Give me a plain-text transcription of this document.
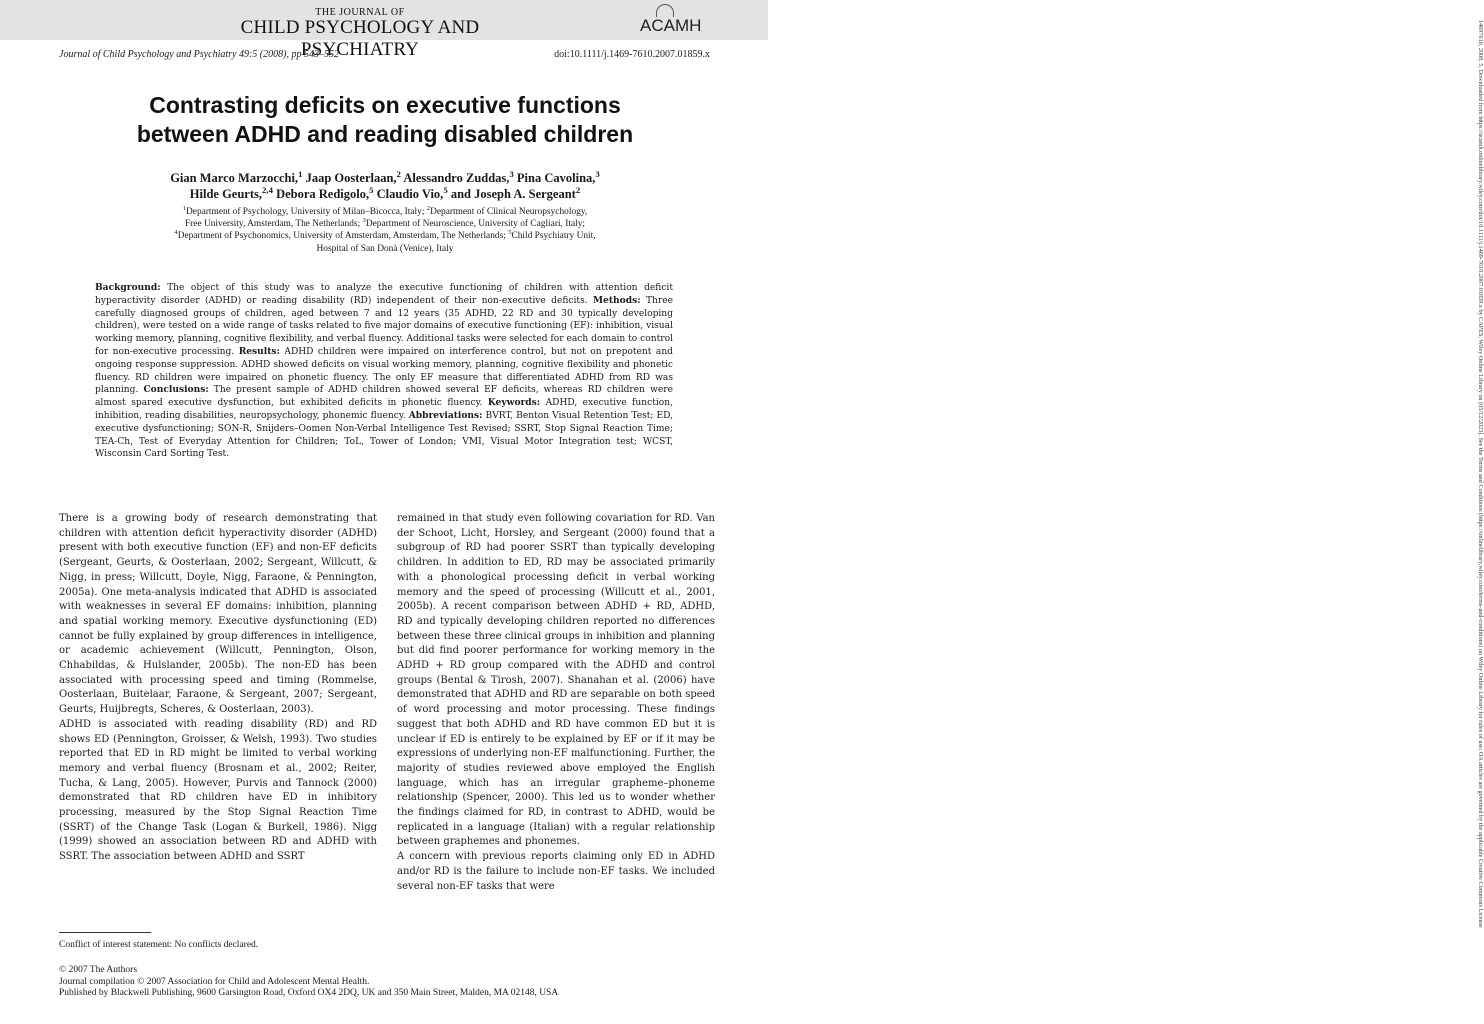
THE JOURNAL OF
CHILD PSYCHOLOGY AND PSYCHIATRY
ACAMH
Journal of Child Psychology and Psychiatry 49:5 (2008), pp 543–552	doi:10.1111/j.1469-7610.2007.01859.x
Contrasting deficits on executive functions
between ADHD and reading disabled children
Gian Marco Marzocchi,$^1$ Jaap Oosterlaan,$^2$ Alessandro Zuddas,$^3$ Pina Cavolina,$^3$
Hilde Geurts,$^{2,4}$ Debora Redigolo,$^5$ Claudio Vio,$^5$ and Joseph A. Sergeant$^2$
$^1$Department of Psychology, University of Milan–Bicocca, Italy; $^2$Department of Clinical Neuropsychology,
Free University, Amsterdam, The Netherlands; $^3$Department of Neuroscience, University of Cagliari, Italy;
$^4$Department of Psychonomics, University of Amsterdam, Amsterdam, The Netherlands; $^5$Child Psychiatry Unit,
Hospital of San Donà (Venice), Italy
Background: The object of this study was to analyze the executive functioning of children with attention deficit hyperactivity disorder (ADHD) or reading disability (RD) independent of their non-executive deficits. Methods: Three carefully diagnosed groups of children, aged between 7 and 12 years (35 ADHD, 22 RD and 30 typically developing children), were tested on a wide range of tasks related to five major domains of executive functioning (EF): inhibition, visual working memory, planning, cognitive flexibility, and verbal fluency. Additional tasks were selected for each domain to control for non-executive processing. Results: ADHD children were impaired on interference control, but not on prepotent and ongoing response suppression. ADHD showed deficits on visual working memory, planning, cognitive flexibility and phonetic fluency. RD children were impaired on phonetic fluency. The only EF measure that differentiated ADHD from RD was planning. Conclusions: The present sample of ADHD children showed several EF deficits, whereas RD children were almost spared executive dysfunction, but exhibited deficits in phonetic fluency. Keywords: ADHD, executive function, inhibition, reading disabilities, neuropsychology, phonemic fluency. Abbreviations: BVRT, Benton Visual Retention Test; ED, executive dysfunctioning; SON-R, Snijders–Oomen Non-Verbal Intelligence Test Revised; SSRT, Stop Signal Reaction Time; TEA-Ch, Test of Everyday Attention for Children; ToL, Tower of London; VMI, Visual Motor Integration test; WCST, Wisconsin Card Sorting Test.
There is a growing body of research demonstrating that children with attention deficit hyperactivity disorder (ADHD) present with both executive function (EF) and non-EF deficits (Sergeant, Geurts, & Oosterlaan, 2002; Sergeant, Willcutt, & Nigg, in press; Willcutt, Doyle, Nigg, Faraone, & Pennington, 2005a). One meta-analysis indicated that ADHD is associated with weaknesses in several EF domains: inhibition, planning and spatial working memory. Executive dysfunctioning (ED) cannot be fully explained by group differences in intelligence, or academic achievement (Willcutt, Pennington, Olson, Chhabildas, & Hulslander, 2005b). The non-ED has been associated with processing speed and timing (Rommelse, Oosterlaan, Buitelaar, Faraone, & Sergeant, 2007; Sergeant, Geurts, Huijbregts, Scheres, & Oosterlaan, 2003).
ADHD is associated with reading disability (RD) and RD shows ED (Pennington, Groisser, & Welsh, 1993). Two studies reported that ED in RD might be limited to verbal working memory and verbal fluency (Brosnam et al., 2002; Reiter, Tucha, & Lang, 2005). However, Purvis and Tannock (2000) demonstrated that RD children have ED in inhibitory processing, measured by the Stop Signal Reaction Time (SSRT) of the Change Task (Logan & Burkell, 1986). Nigg (1999) showed an association between RD and ADHD with SSRT. The association between ADHD and SSRT
remained in that study even following covariation for RD. Van der Schoot, Licht, Horsley, and Sergeant (2000) found that a subgroup of RD had poorer SSRT than typically developing children. In addition to ED, RD may be associated primarily with a phonological processing deficit in verbal working memory and the speed of processing (Willcutt et al., 2001, 2005b). A recent comparison between ADHD + RD, ADHD, RD and typically developing children reported no differences between these three clinical groups in inhibition and planning but did find poorer performance for working memory in the ADHD + RD group compared with the ADHD and control groups (Bental & Tirosh, 2007). Shanahan et al. (2006) have demonstrated that ADHD and RD are separable on both speed of word processing and motor processing. These findings suggest that both ADHD and RD have common ED but it is unclear if ED is entirely to be explained by EF or if it may be expressions of underlying non-EF malfunctioning. Further, the majority of studies reviewed above employed the English language, which has an irregular grapheme–phoneme relationship (Spencer, 2000). This led us to wonder whether the findings claimed for RD, in contrast to ADHD, would be replicated in a language (Italian) with a regular relationship between graphemes and phonemes.
A concern with previous reports claiming only ED in ADHD and/or RD is the failure to include non-EF tasks. We included several non-EF tasks that were
Conflict of interest statement: No conflicts declared.
© 2007 The Authors
Journal compilation © 2007 Association for Child and Adolescent Mental Health.
Published by Blackwell Publishing, 9600 Garsington Road, Oxford OX4 2DQ, UK and 350 Main Street, Malden, MA 02148, USA
14697610, 2008, 5, Downloaded from https://acamh.onlinelibrary.wiley.com/doi/10.1111/j.1469-7610.2007.01859.x by CAPES, Wiley Online Library on [05/12/2023]. See the Terms and Conditions (https://onlinelibrary.wiley.com/terms-and-conditions) on Wiley Online Library for rules of use; OA articles are governed by the applicable Creative Commons License
